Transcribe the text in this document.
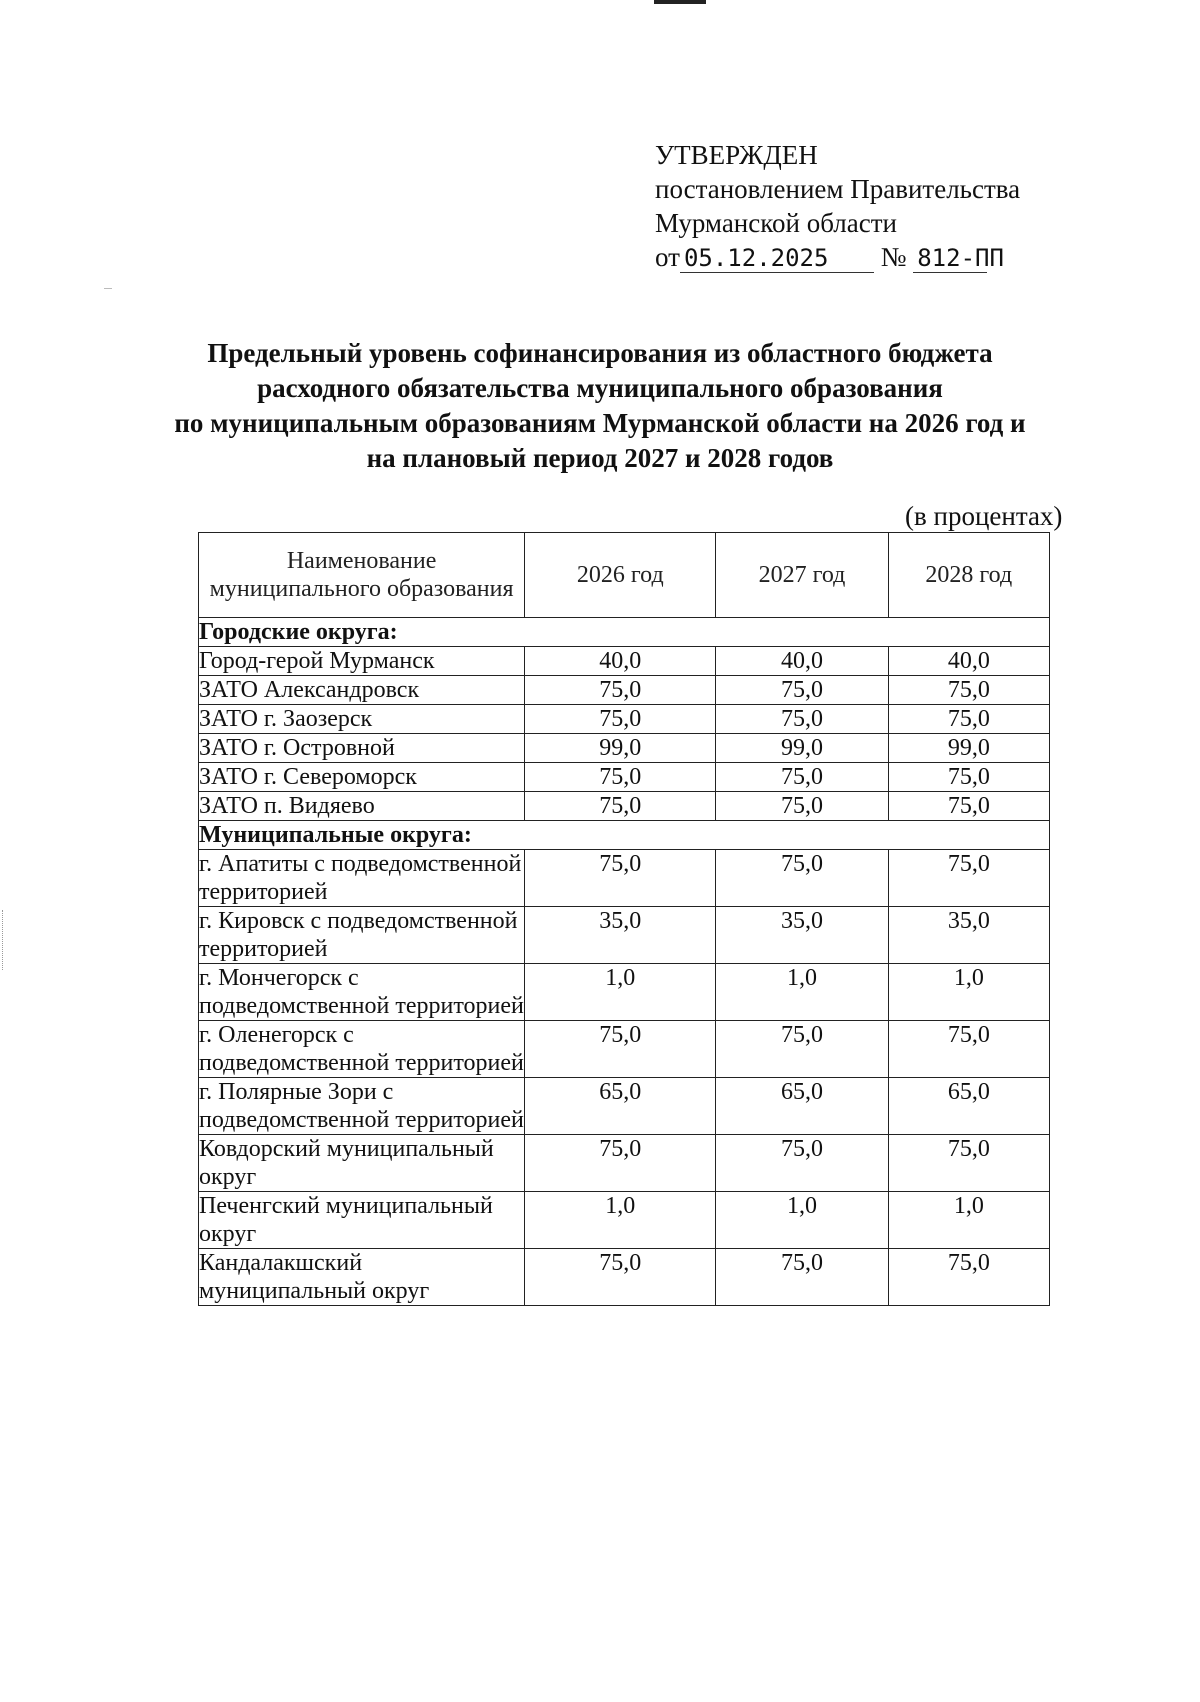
УТВЕРЖДЕН
постановлением Правительства
Мурманской области
от 05.12.2025 № 812-ПП
Предельный уровень софинансирования из областного бюджета
расходного обязательства муниципального образования
по муниципальным образованиям Мурманской области на 2026 год и
на плановый период 2027 и 2028 годов
(в процентах)
Наименование муниципального образования	2026 год	2027 год	2028 год
Городские округа:			
Город-герой Мурманск	40,0	40,0	40,0
ЗАТО Александровск	75,0	75,0	75,0
ЗАТО г. Заозерск	75,0	75,0	75,0
ЗАТО г. Островной	99,0	99,0	99,0
ЗАТО г. Североморск	75,0	75,0	75,0
ЗАТО п. Видяево	75,0	75,0	75,0
Муниципальные округа:			
г. Апатиты с подведомственной территорией	75,0	75,0	75,0
г. Кировск с подведомственной территорией	35,0	35,0	35,0
г. Мончегорск с подведомственной территорией	1,0	1,0	1,0
г. Оленегорск с подведомственной территорией	75,0	75,0	75,0
г. Полярные Зори с подведомственной территорией	65,0	65,0	65,0
Ковдорский муниципальный округ	75,0	75,0	75,0
Печенгский муниципальный округ	1,0	1,0	1,0
Кандалакшский муниципальный округ	75,0	75,0	75,0
